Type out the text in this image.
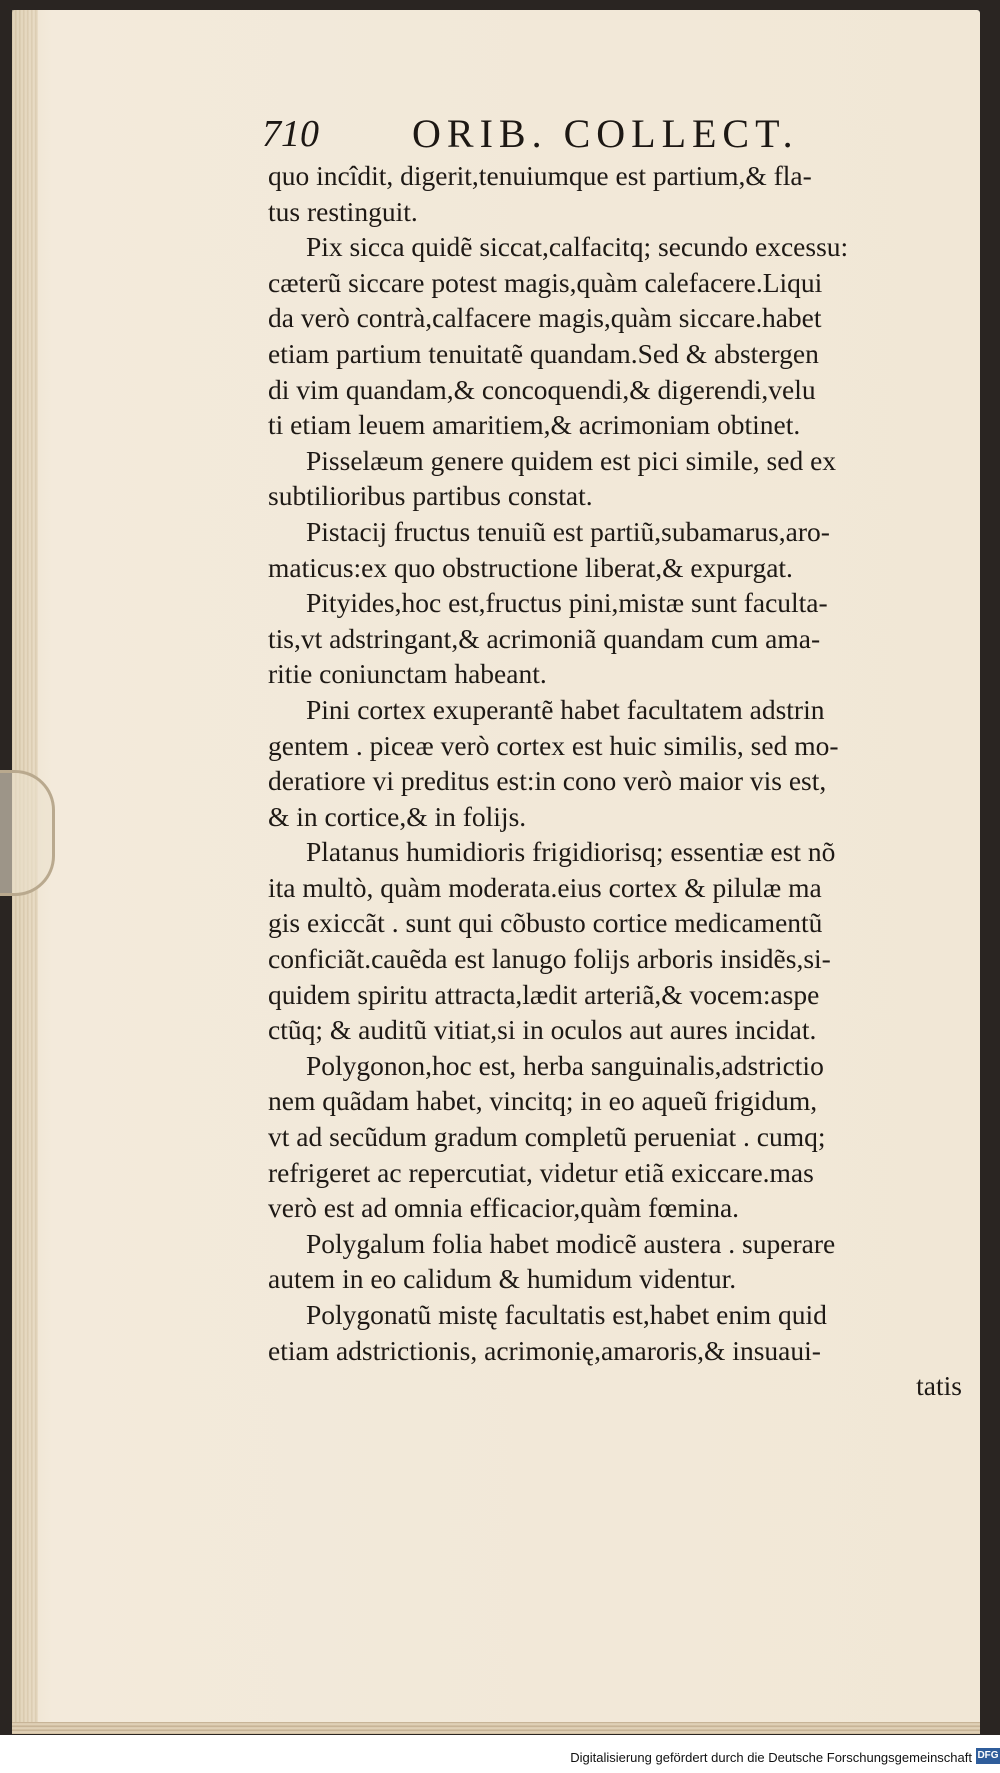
710 ORIB. COLLECT.
quo incîdit, digerit,tenuiumque est partium,& fla-
tus restinguit.
Pix sicca quidẽ siccat,calfacitq; secundo excessu:
cæterũ siccare potest magis,quàm calefacere.Liqui
da verò contrà,calfacere magis,quàm siccare.habet
etiam partium tenuitatẽ quandam.Sed & abstergen
di vim quandam,& concoquendi,& digerendi,velu
ti etiam leuem amaritiem,& acrimoniam obtinet.
Pisselæum genere quidem est pici simile, sed ex
subtilioribus partibus constat.
Pistacij fructus tenuiũ est partiũ,subamarus,aro-
maticus:ex quo obstructione liberat,& expurgat.
Pityides,hoc est,fructus pini,mistæ sunt faculta-
tis,vt adstringant,& acrimoniã quandam cum ama-
ritie coniunctam habeant.
Pini cortex exuperantẽ habet facultatem adstrin
gentem . piceæ verò cortex est huic similis, sed mo-
deratiore vi preditus est:in cono verò maior vis est,
& in cortice,& in folijs.
Platanus humidioris frigidiorisq; essentiæ est nõ
ita multò, quàm moderata.eius cortex & pilulæ ma
gis exiccãt . sunt qui cõbusto cortice medicamentũ
conficiãt.cauẽda est lanugo folijs arboris insidẽs,si-
quidem spiritu attracta,lædit arteriã,& vocem:aspe
ctũq; & auditũ vitiat,si in oculos aut aures incidat.
Polygonon,hoc est, herba sanguinalis,adstrictio
nem quãdam habet, vincitq; in eo aqueũ frigidum,
vt ad secũdum gradum completũ perueniat . cumq;
refrigeret ac repercutiat, videtur etiã exiccare.mas
verò est ad omnia efficacior,quàm fœmina.
Polygalum folia habet modicẽ austera . superare
autem in eo calidum & humidum videntur.
Polygonatũ mistę facultatis est,habet enim quid
etiam adstrictionis, acrimonię,amaroris,& insuaui-
tatis
Digitalisierung gefördert durch die Deutsche Forschungsgemeinschaft DFG
